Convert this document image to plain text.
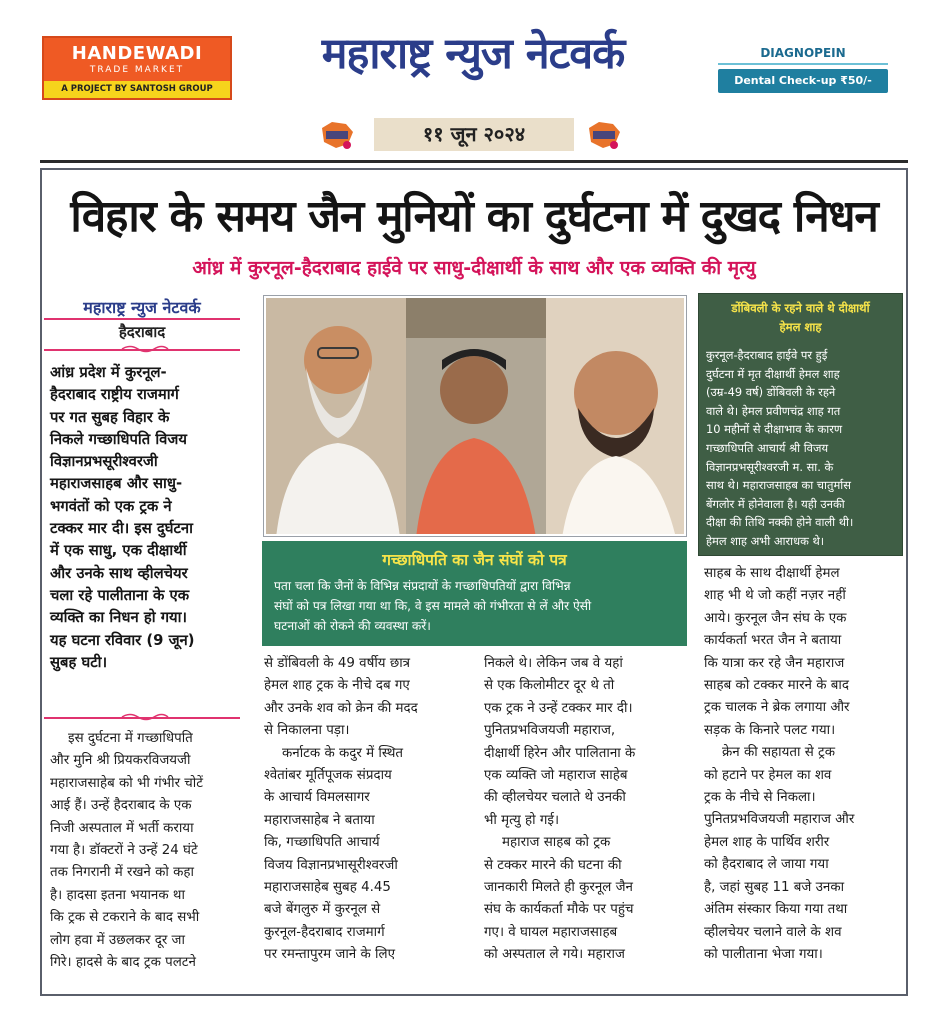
HANDEWADI
TRADE MARKET
A PROJECT BY SANTOSH GROUP
महाराष्ट्र न्युज नेटवर्क	DIAGNOPEIN
Dental Check-up ₹50/-
११ जून २०२४
विहार के समय जैन मुनियों का दुर्घटना में दुखद निधन
आंध्र में कुरनूल-हैदराबाद हाईवे पर साधु-दीक्षार्थी के साथ और एक व्यक्ति की मृत्यु
महाराष्ट्र न्युज नेटवर्क
हैदराबाद
आंध्र प्रदेश में कुरनूल-
हैदराबाद राष्ट्रीय राजमार्ग
पर गत सुबह विहार के
निकले गच्छाधिपति विजय
विज्ञानप्रभसूरीश्वरजी
महाराजसाहब और साधु-
भगवंतों को एक ट्रक ने
टक्कर मार दी। इस दुर्घटना
में एक साधु, एक दीक्षार्थी
और उनके साथ व्हीलचेयर
चला रहे पालीताना के एक
व्यक्ति का निधन हो गया।
यह घटना रविवार (9 जून)
सुबह घटी।
इस दुर्घटना में गच्छाधिपति
और मुनि श्री प्रियकरविजयजी
महाराजसाहेब को भी गंभीर चोटें
आई हैं। उन्हें हैदराबाद के एक
निजी अस्पताल में भर्ती कराया
गया है। डॉक्टरों ने उन्हें 24 घंटे
तक निगरानी में रखने को कहा
है। हादसा इतना भयानक था
कि ट्रक से टकराने के बाद सभी
लोग हवा में उछलकर दूर जा
गिरे। हादसे के बाद ट्रक पलटने
गच्छाधिपति का जैन संघों को पत्र
पता चला कि जैनों के विभिन्न संप्रदायों के गच्छाधिपतियों द्वारा विभिन्न
संघों को पत्र लिखा गया था कि, वे इस मामले को गंभीरता से लें और ऐसी
घटनाओं को रोकने की व्यवस्था करें।
से डोंबिवली के 49 वर्षीय छात्र
हेमल शाह ट्रक के नीचे दब गए
और उनके शव को क्रेन की मदद
से निकालना पड़ा।
कर्नाटक के कदुर में स्थित
श्वेतांबर मूर्तिपूजक संप्रदाय
के आचार्य विमलसागर
महाराजसाहेब ने बताया
कि, गच्छाधिपति आचार्य
विजय विज्ञानप्रभासूरीश्वरजी
महाराजसाहेब सुबह 4.45
बजे बेंगलुरु में कुरनूल से
कुरनूल-हैदराबाद राजमार्ग
पर रमन्तापुरम जाने के लिए
निकले थे। लेकिन जब वे यहां
से एक किलोमीटर दूर थे तो
एक ट्रक ने उन्हें टक्कर मार दी।
पुनितप्रभविजयजी महाराज,
दीक्षार्थी हिरेन और पालिताना के
एक व्यक्ति जो महाराज साहेब
की व्हीलचेयर चलाते थे उनकी
भी मृत्यु हो गई।
महाराज साहब को ट्रक
से टक्कर मारने की घटना की
जानकारी मिलते ही कुरनूल जैन
संघ के कार्यकर्ता मौके पर पहुंच
गए। वे घायल महाराजसाहब
को अस्पताल ले गये। महाराज
डोंबिवली के रहने वाले थे दीक्षार्थी
हेमल शाह
कुरनूल-हैदराबाद हाईवे पर हुई
दुर्घटना में मृत दीक्षार्थी हेमल शाह
(उम्र-49 वर्ष) डोंबिवली के रहने
वाले थे। हेमल प्रवीणचंद्र शाह गत
10 महीनों से दीक्षाभाव के कारण
गच्छाधिपति आचार्य श्री विजय
विज्ञानप्रभसूरीश्वरजी म. सा. के
साथ थे। महाराजसाहब का चातुर्मास
बेंगलोर में होनेवाला है। यही उनकी
दीक्षा की तिथि नक्की होने वाली थी।
हेमल शाह अभी आराधक थे।
साहब के साथ दीक्षार्थी हेमल
शाह भी थे जो कहीं नज़र नहीं
आये। कुरनूल जैन संघ के एक
कार्यकर्ता भरत जैन ने बताया
कि यात्रा कर रहे जैन महाराज
साहब को टक्कर मारने के बाद
ट्रक चालक ने ब्रेक लगाया और
सड़क के किनारे पलट गया।
क्रेन की सहायता से ट्रक
को हटाने पर हेमल का शव
ट्रक के नीचे से निकला।
पुनितप्रभविजयजी महाराज और
हेमल शाह के पार्थिव शरीर
को हैदराबाद ले जाया गया
है, जहां सुबह 11 बजे उनका
अंतिम संस्कार किया गया तथा
व्हीलचेयर चलाने वाले के शव
को पालीताना भेजा गया।
